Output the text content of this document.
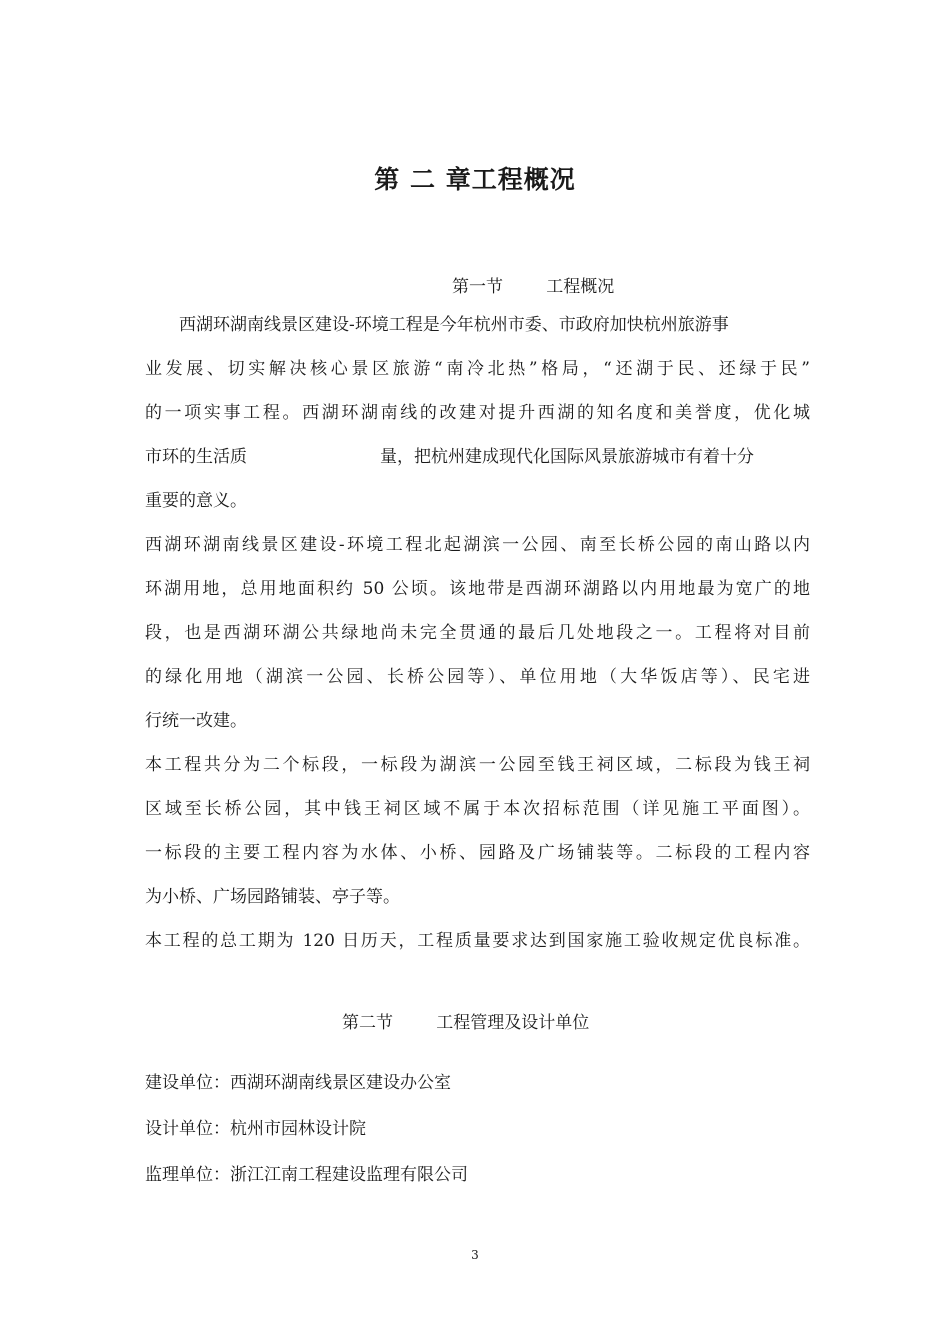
第 二 章工程概况
第一节        工程概况
西湖环湖南线景区建设-环境工程是今年杭州市委、市政府加快杭州旅游事
业发展、切实解决核心景区旅游“南冷北热”格局，“还湖于民、还绿于民”
的一项实事工程。西湖环湖南线的改建对提升西湖的知名度和美誉度，优化城
市环的生活质	量，把杭州建成现代化国际风景旅游城市有着十分
重要的意义。
西湖环湖南线景区建设-环境工程北起湖滨一公园、南至长桥公园的南山路以内
环湖用地，总用地面积约 50 公顷。该地带是西湖环湖路以内用地最为宽广的地
段，也是西湖环湖公共绿地尚未完全贯通的最后几处地段之一。工程将对目前
的绿化用地（湖滨一公园、长桥公园等）、单位用地（大华饭店等）、民宅进
行统一改建。
本工程共分为二个标段，一标段为湖滨一公园至钱王祠区域，二标段为钱王祠
区域至长桥公园，其中钱王祠区域不属于本次招标范围（详见施工平面图）。
一标段的主要工程内容为水体、小桥、园路及广场铺装等。二标段的工程内容
为小桥、广场园路铺装、亭子等。
本工程的总工期为 120 日历天，工程质量要求达到国家施工验收规定优良标准。
第二节        工程管理及设计单位
建设单位：西湖环湖南线景区建设办公室
设计单位：杭州市园林设计院
监理单位：浙江江南工程建设监理有限公司
3
